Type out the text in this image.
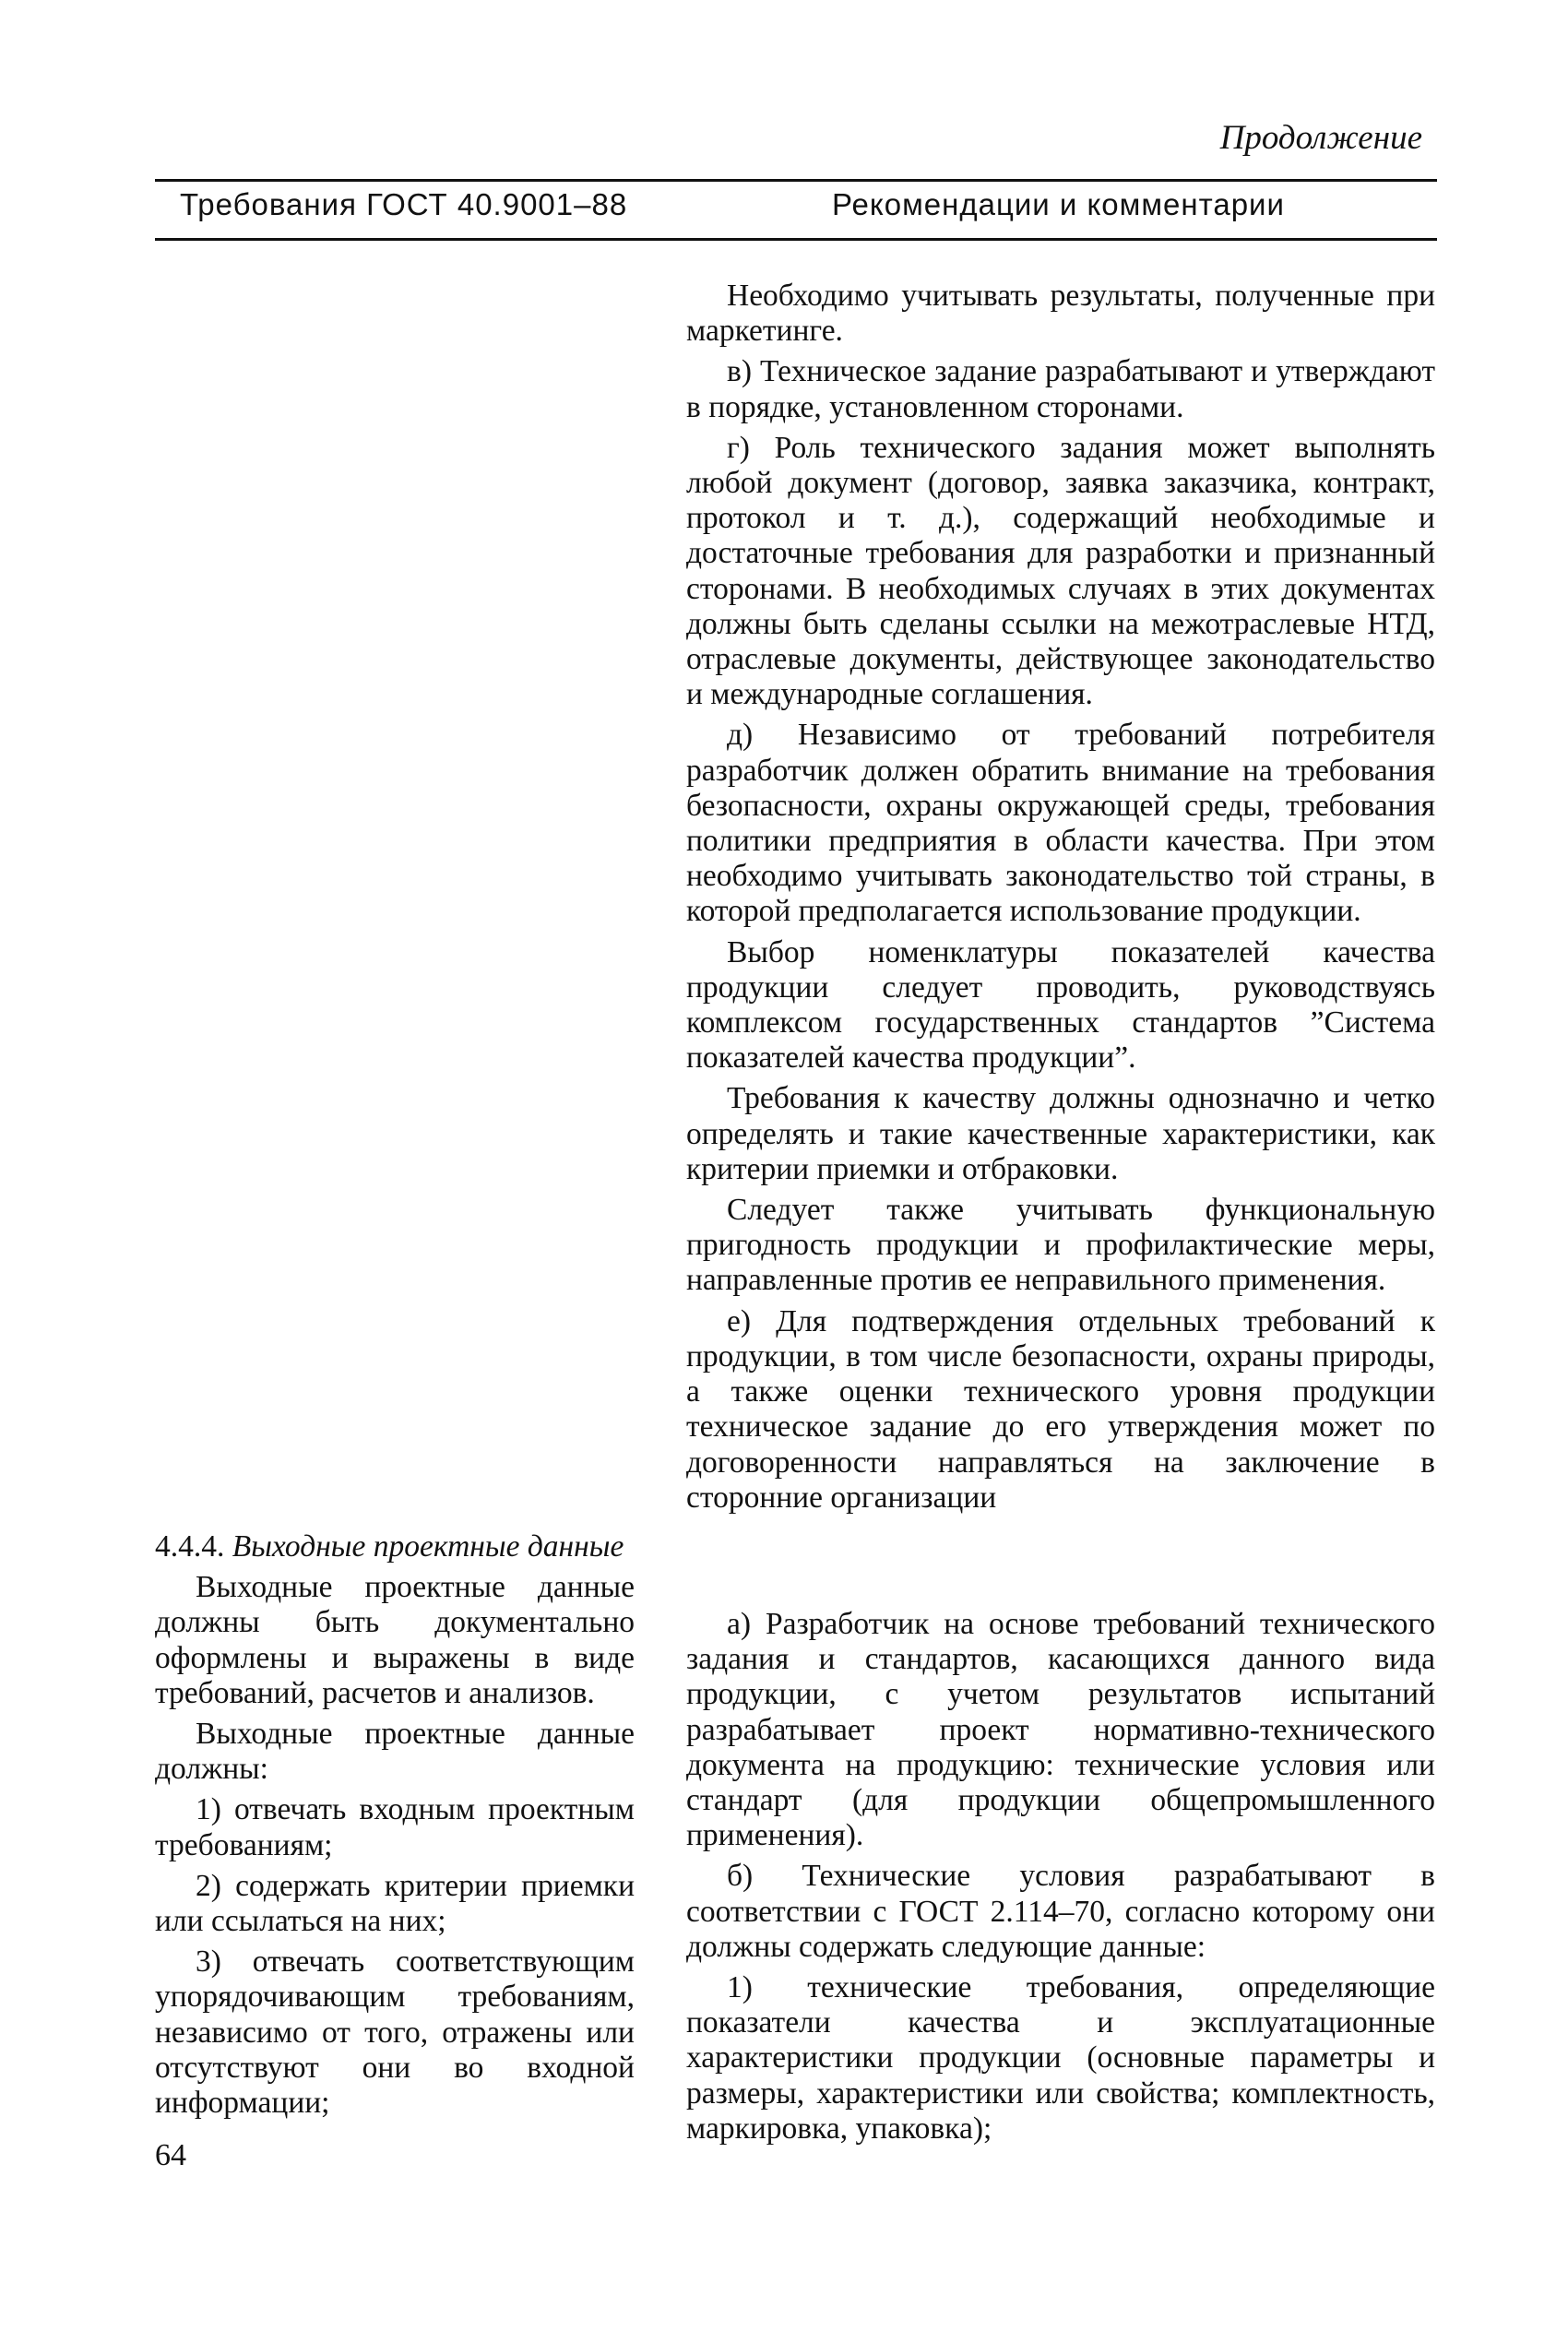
Продолжение
Требования ГОСТ 40.9001–88	Рекомендации и комментарии

Необходимо учитывать результаты, полученные при маркетинге.

в) Техническое задание разрабатывают и утверждают в порядке, установленном сторонами.

г) Роль технического задания может выполнять любой документ (договор, заявка заказчика, контракт, протокол и т. д.), содержащий необходимые и достаточные требования для разработки и признанный сторонами. В необходимых случаях в этих документах должны быть сделаны ссылки на межотраслевые НТД, отраслевые документы, действующее законодательство и международные соглашения.

д) Независимо от требований потребителя разработчик должен обратить внимание на требования безопасности, охраны окружающей среды, требования политики предприятия в области качества. При этом необходимо учитывать законодательство той страны, в которой предполагается использование продукции.

Выбор номенклатуры показателей качества продукции следует проводить, руководствуясь комплексом государственных стандартов ”Система показателей качества продукции”.

Требования к качеству должны однозначно и четко определять и такие качественные характеристики, как критерии приемки и отбраковки.

Следует также учитывать функциональную пригодность продукции и профилактические меры, направленные против ее неправильного применения.

е) Для подтверждения отдельных требований к продукции, в том числе безопасности, охраны природы, а также оценки технического уровня продукции техническое задание до его утверждения может по договоренности направляться на заключение в сторонние организации

4.4.4. Выходные проектные данные

Выходные проектные данные должны быть документально оформлены и выражены в виде требований, расчетов и анализов.

Выходные проектные данные должны:

1) отвечать входным проектным требованиям;

2) содержать критерии приемки или ссылаться на них;

3) отвечать соответствующим упорядочивающим требованиям, независимо от того, отражены или отсутствуют они во входной информации;

а) Разработчик на основе требований технического задания и стандартов, касающихся данного вида продукции, с учетом результатов испытаний разрабатывает проект нормативно-технического документа на продукцию: технические условия или стандарт (для продукции общепромышленного применения).

б) Технические условия разрабатывают в соответствии с ГОСТ 2.114–70, согласно которому они должны содержать следующие данные:

1) технические требования, определяющие показатели качества и эксплуатационные характеристики продукции (основные параметры и размеры, характеристики или свойства; комплектность, маркировка, упаковка);

64
